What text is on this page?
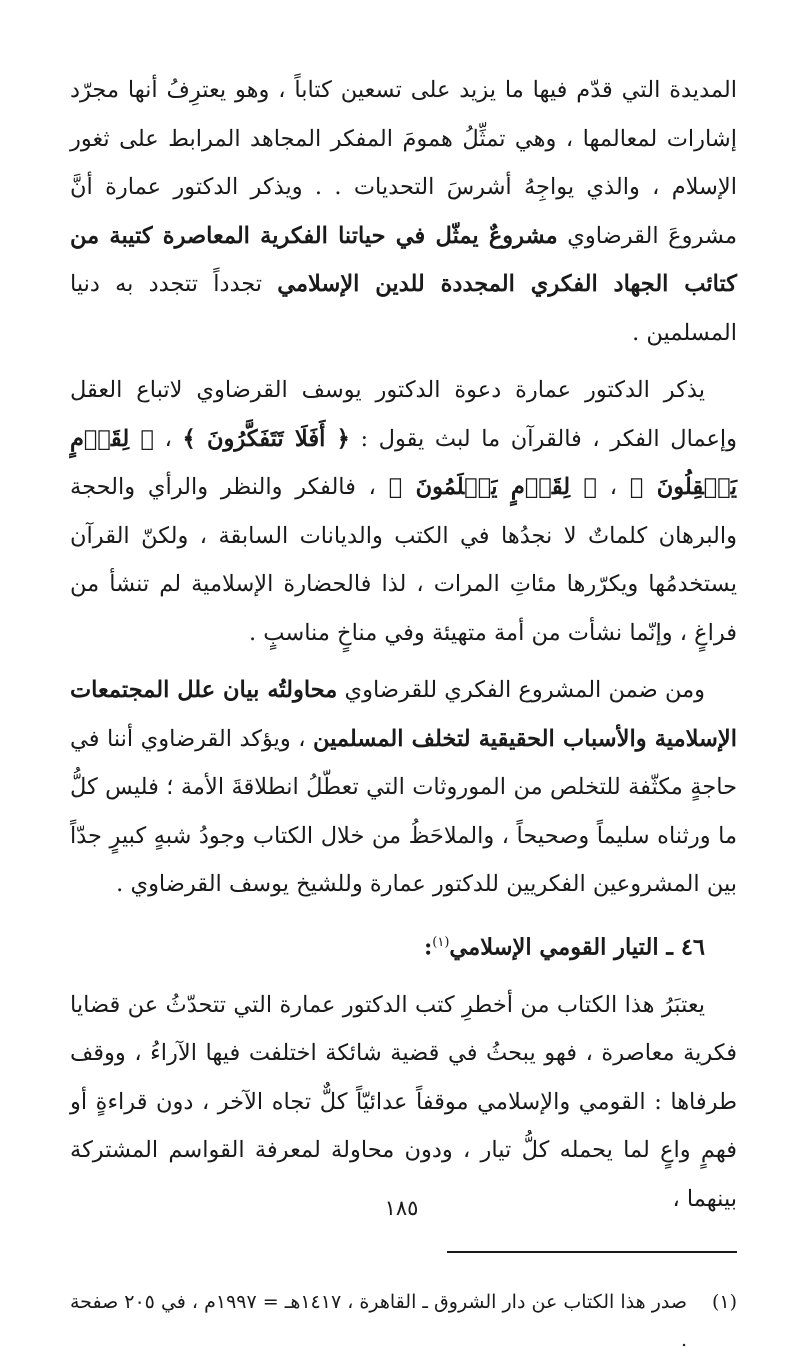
المديدة التي قدّم فيها ما يزيد على تسعين كتاباً ، وهو يعترِفُ أنها مجرّد إشارات لمعالمها ، وهي تمثِّلُ همومَ المفكر المجاهد المرابط على ثغور الإسلام ، والذي يواجِهُ أشرسَ التحديات . . ويذكر الدكتور عمارة أنَّ مشروعَ القرضاوي مشروعٌ يمثّل في حياتنا الفكرية المعاصرة كتيبة من كتائب الجهاد الفكري المجددة للدين الإسلامي تجدداً تتجدد به دنيا المسلمين .

يذكر الدكتور عمارة دعوة الدكتور يوسف القرضاوي لاتباع العقل وإعمال الفكر ، فالقرآن ما لبث يقول : ﴿ أَفَلَا تَتَفَكَّرُونَ ﴾ ، ﴿ لِقَوۡمٍ يَعۡقِلُونَ ﴾ ، ﴿ لِقَوۡمٍ يَعۡلَمُونَ ﴾ ، فالفكر والنظر والرأي والحجة والبرهان كلماتٌ لا نجدُها في الكتب والديانات السابقة ، ولكنّ القرآن يستخدمُها ويكرّرها مئاتِ المرات ، لذا فالحضارة الإسلامية لم تنشأ من فراغٍ ، وإنّما نشأت من أمة متهيئة وفي مناخٍ مناسبٍ .

ومن ضمن المشروع الفكري للقرضاوي محاولتُه بيان علل المجتمعات الإسلامية والأسباب الحقيقية لتخلف المسلمين ، ويؤكد القرضاوي أننا في حاجةٍ مكثّفة للتخلص من الموروثات التي تعطّلُ انطلاقةَ الأمة ؛ فليس كلُّ ما ورثناه سليماً وصحيحاً ، والملاحَظُ من خلال الكتاب وجودُ شبهٍ كبيرٍ جدّاً بين المشروعين الفكريين للدكتور عمارة وللشيخ يوسف القرضاوي .

٤٦ ـ التيار القومي الإسلامي$^{(١)}$:

يعتبَرُ هذا الكتاب من أخطرِ كتب الدكتور عمارة التي تتحدّثُ عن قضايا فكرية معاصرة ، فهو يبحثُ في قضية شائكة اختلفت فيها الآراءُ ، ووقف طرفاها : القومي والإسلامي موقفاً عدائيّاً كلٌّ تجاه الآخر ، دون قراءةٍ أو فهمٍ واعٍ لما يحمله كلُّ تيار ، ودون محاولة لمعرفة القواسم المشتركة بينهما ،

(١)صدر هذا الكتاب عن دار الشروق ـ القاهرة ، ١٤١٧هـ = ١٩٩٧م ، في ٢٠٥ صفحة .

١٨٥
